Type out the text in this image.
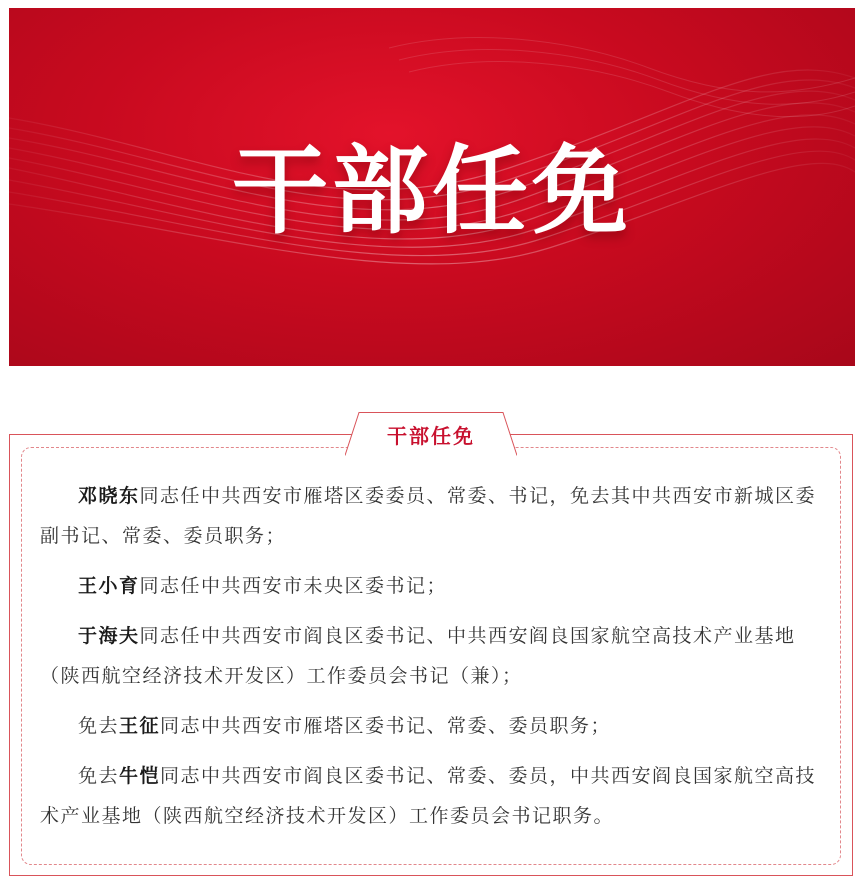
干部任免
干部任免

邓晓东同志任中共西安市雁塔区委委员、常委、书记，免去其中共西安市新城区委副书记、常委、委员职务；

王小育同志任中共西安市未央区委书记；

于海夫同志任中共西安市阎良区委书记、中共西安阎良国家航空高技术产业基地（陕西航空经济技术开发区）工作委员会书记（兼）；

免去王征同志中共西安市雁塔区委书记、常委、委员职务；

免去牛恺同志中共西安市阎良区委书记、常委、委员，中共西安阎良国家航空高技术产业基地（陕西航空经济技术开发区）工作委员会书记职务。
